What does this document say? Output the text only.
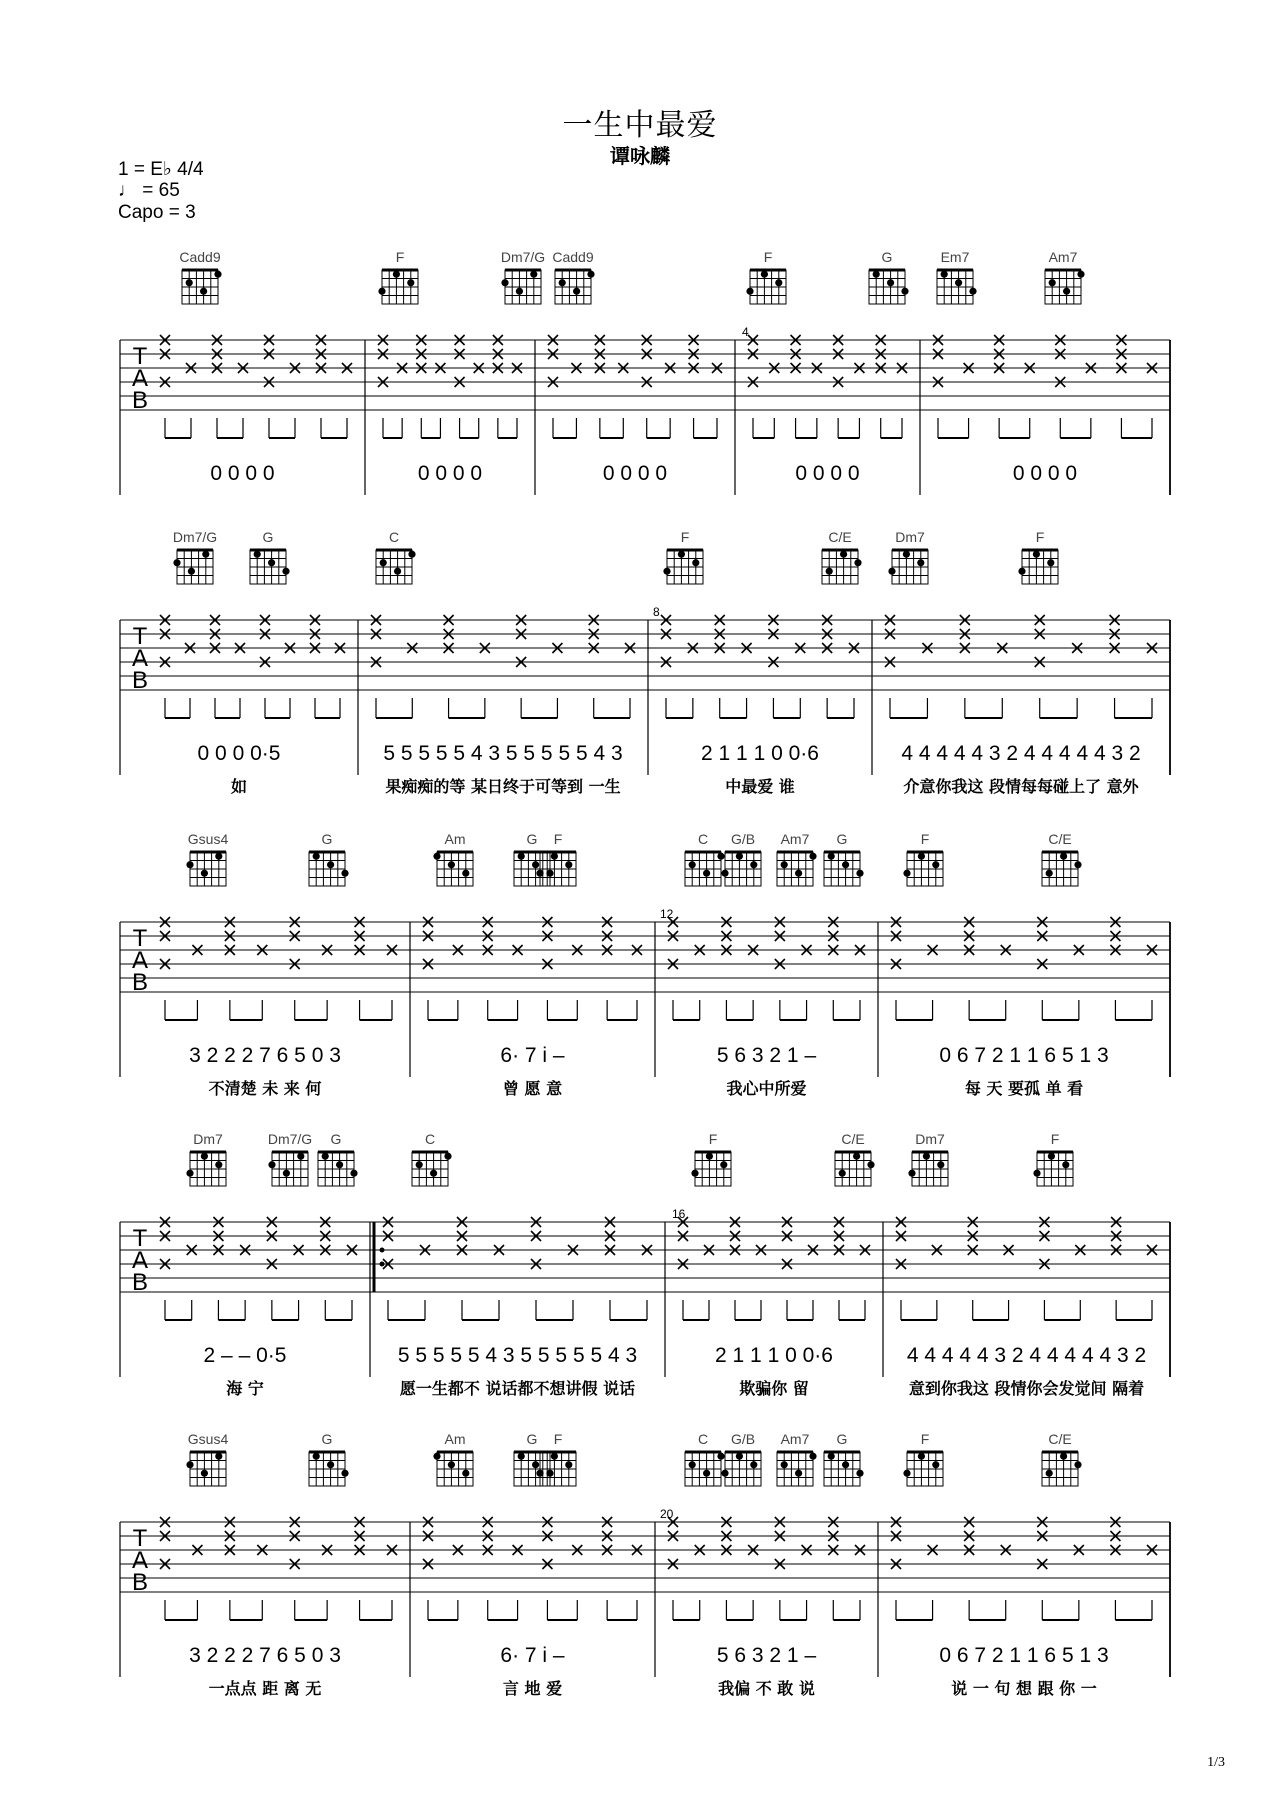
一生中最爱
谭咏麟
1 = E♭ 4/4
♩ = 65
Capo = 3
Cadd9	F	Dm7/G Cadd9	F	G	Em7	Am7
T
A
B
4
0 0 0 0	0 0 0 0	0 0 0 0	0 0 0 0	0 0 0 0
Dm7/G	G	C	F	C/E	Dm7	F
T
A
B
8
0 0 0 0·5	5 5 5 5 5 4 3 5 5 5 5 5 4 3	2 1 1 1 0 0·6	4 4 4 4 4 3 2 4 4 4 4 4 3 2
如	果痴痴的等 某日终于可等到 一生	中最爱 谁	介意你我这 段情每每碰上了 意外
Gsus4	G	Am	G F	C G/B Am7 G	F	C/E
T
A
B
12
3 2 2 2 7 6 5 0 3	6· 7 i –	5 6 3 2 1 –	0 6 7 2 1 1 6 5 1 3
不清楚 未 来 何	曾 愿 意	我心中所爱	每 天 要孤 单 看
Dm7	Dm7/G G	C	F	C/E	Dm7	F
T
A
B
16
2 – – 0·5	5 5 5 5 5 4 3 5 5 5 5 5 4 3	2 1 1 1 0 0·6	4 4 4 4 4 3 2 4 4 4 4 4 3 2
海 宁	愿一生都不 说话都不想讲假 说话	欺骗你 留	意到你我这 段情你会发觉间 隔着
Gsus4	G	Am	G F	C G/B Am7 G	F	C/E
T
A
B
20
3 2 2 2 7 6 5 0 3	6· 7 i –	5 6 3 2 1 –	0 6 7 2 1 1 6 5 1 3
一点点 距 离 无	言 地 爱	我偏 不 敢 说	说 一 句 想 跟 你 一
1/3
